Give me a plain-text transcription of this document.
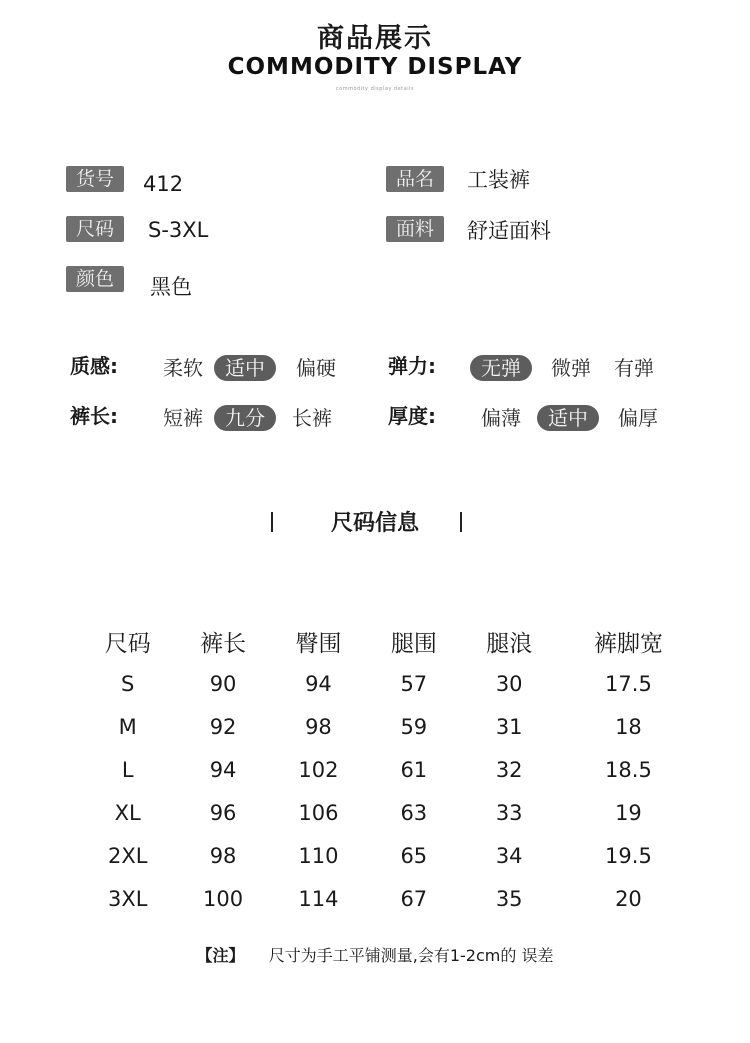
商品展示
COMMODITY DISPLAY
commodity display details
货号	412	品名	工装裤
尺码	S-3XL	面料	舒适面料
颜色	黑色
质感: 柔软	适中	偏硬	弹力:	无弹	微弹 有弹
裤长: 短裤	九分	长裤	厚度: 偏薄	适中	偏厚
尺码信息
尺码	裤长	臀围	腿围	腿浪	裤脚宽
S	90	94	57	30	17.5
M	92	98	59	31	18
L	94	102	61	32	18.5
XL	96	106	63	33	19
2XL	98	110	65	34	19.5
3XL	100	114	67	35	20
【注】 尺寸为手工平铺测量,会有1-2cm的 误差
